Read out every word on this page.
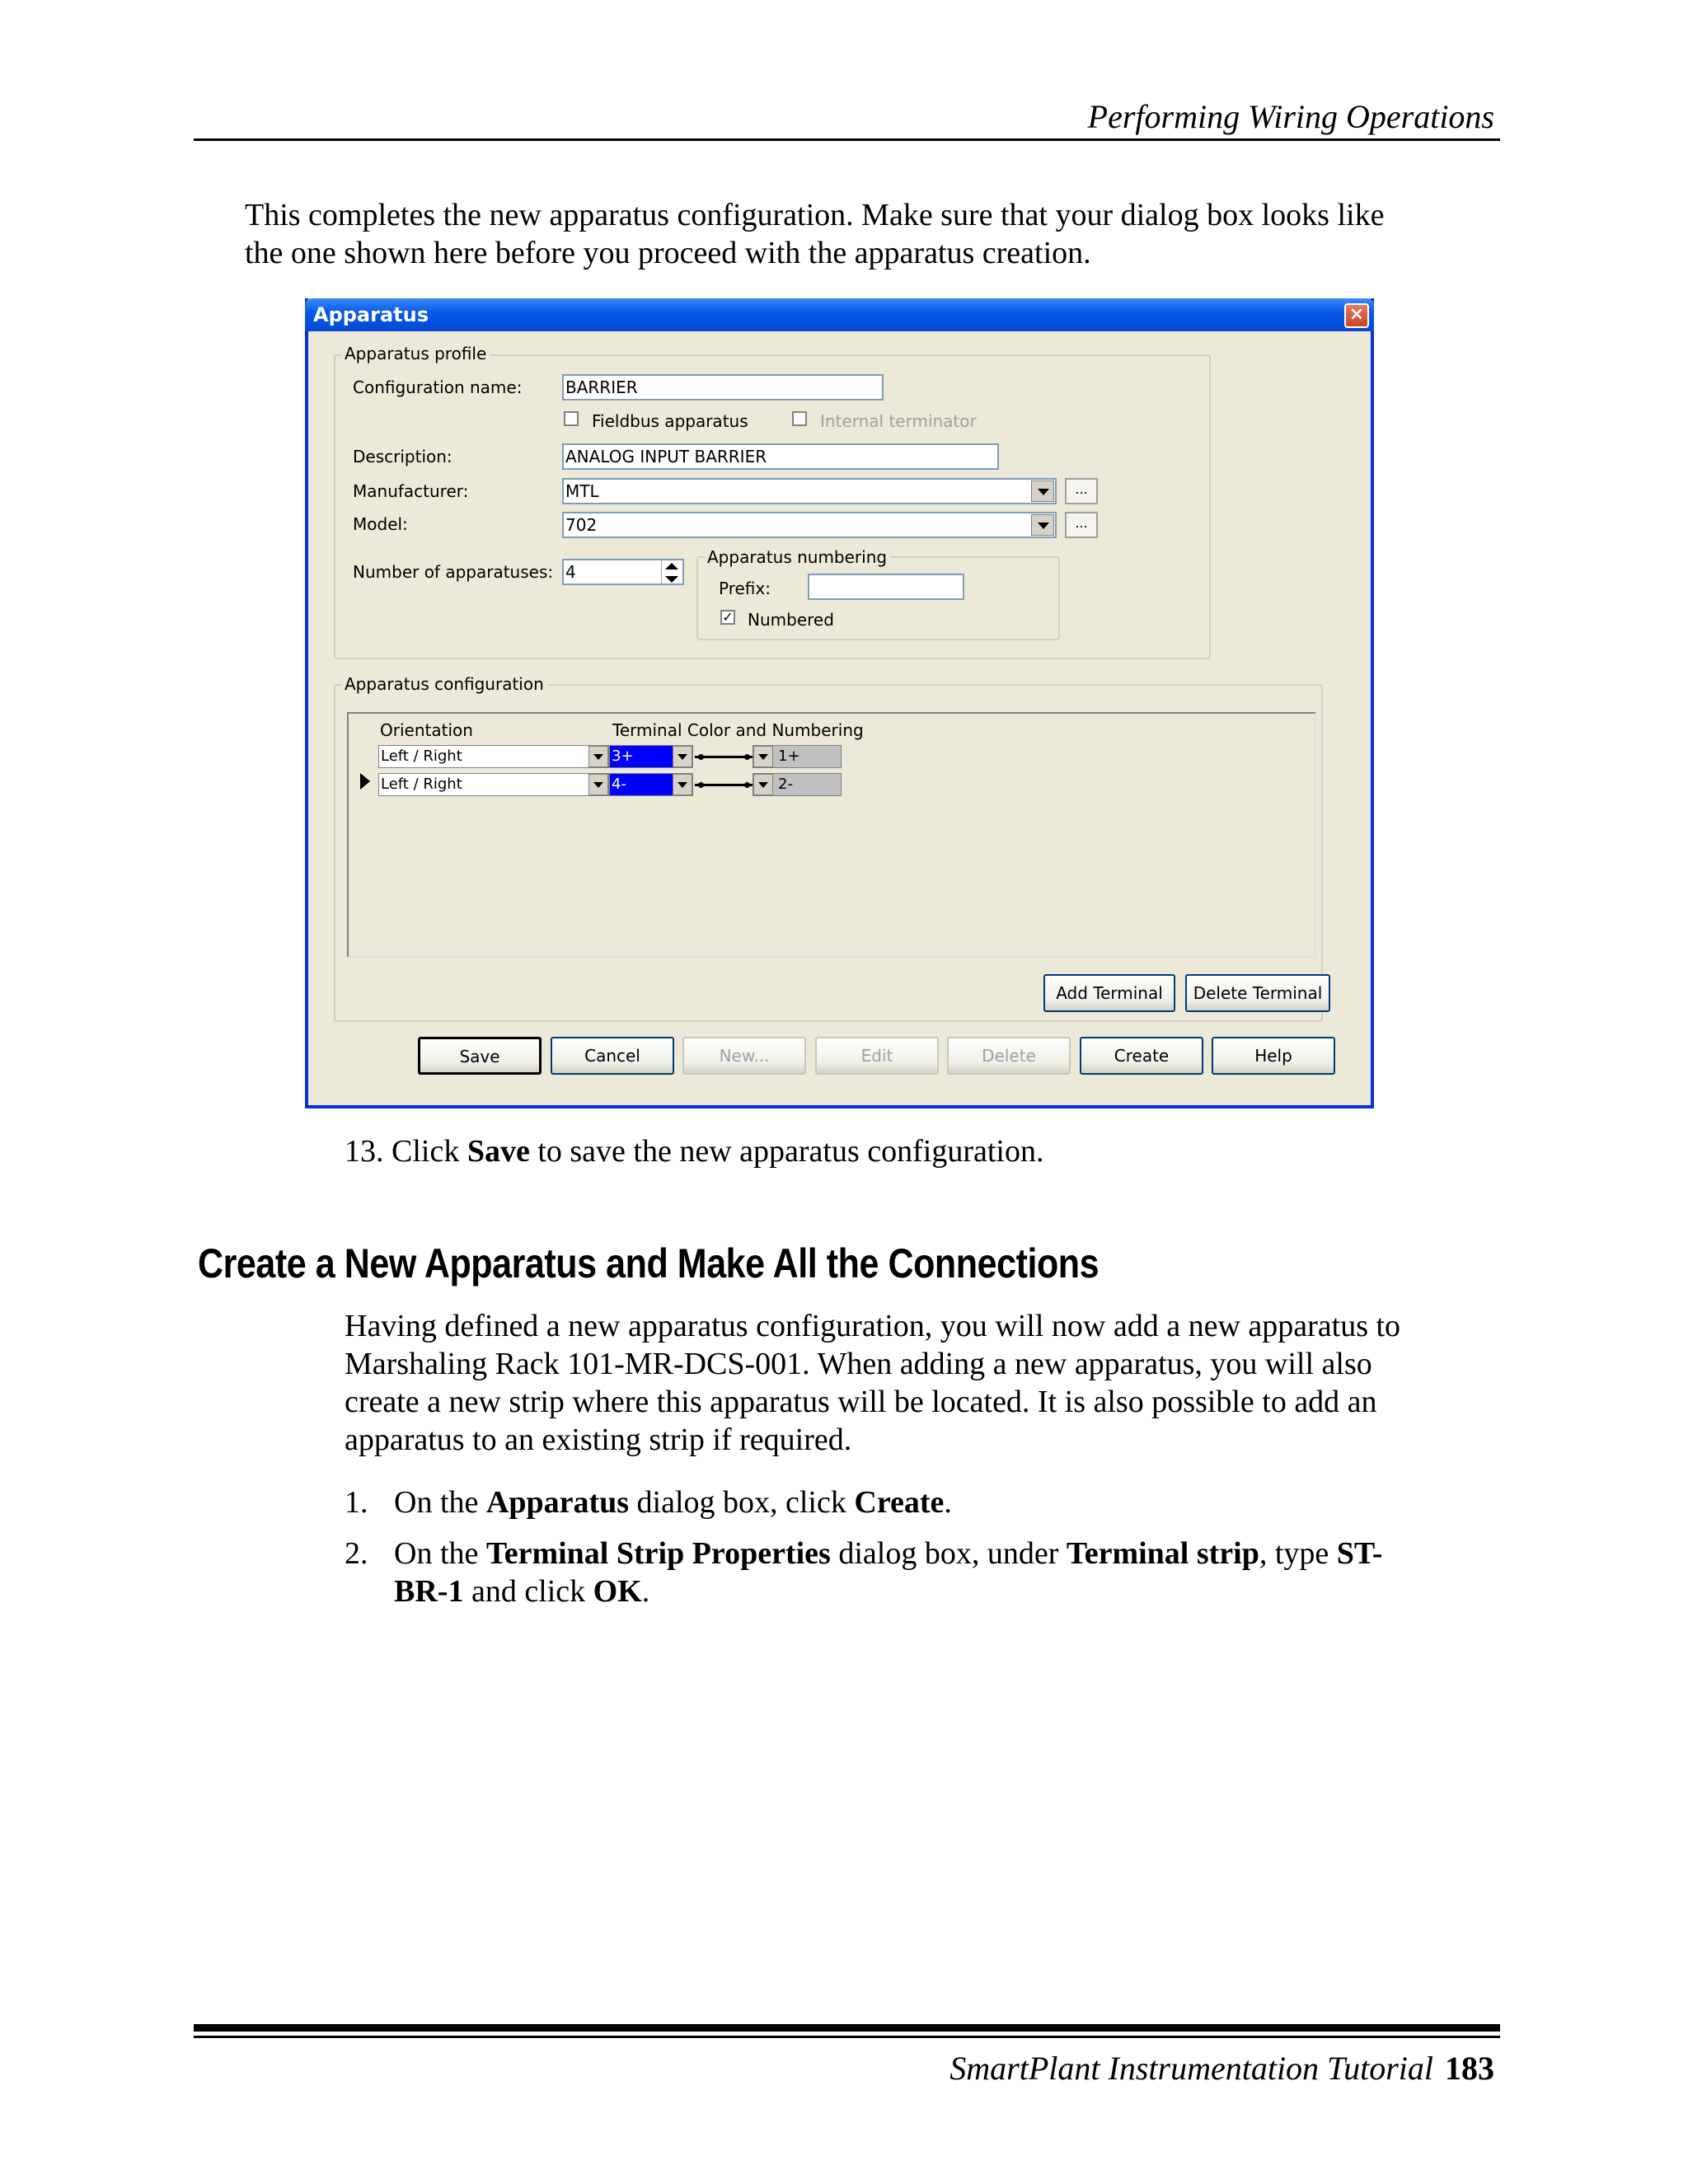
Performing Wiring Operations
This completes the new apparatus configuration. Make sure that your dialog box looks like
the one shown here before you proceed with the apparatus creation.
Apparatus	×
Apparatus profile
Configuration name:	BARRIER
Fieldbus apparatus	Internal terminator
Description:	ANALOG INPUT BARRIER
Manufacturer:	MTL	...
Model:	702	...
Number of apparatuses: 4
Apparatus numbering
Prefix:
✓ Numbered
Apparatus configuration
Orientation	Terminal Color and Numbering
Left / Right	3+	1+
Left / Right	4-	2-
Add Terminal	Delete Terminal
Save	Cancel	New...	Edit	Delete	Create	Help
13. Click Save to save the new apparatus configuration.
Create a New Apparatus and Make All the Connections
Having defined a new apparatus configuration, you will now add a new apparatus to
Marshaling Rack 101-MR-DCS-001. When adding a new apparatus, you will also
create a new strip where this apparatus will be located. It is also possible to add an
apparatus to an existing strip if required.
1. On the Apparatus dialog box, click Create.
2. On the Terminal Strip Properties dialog box, under Terminal strip, type ST-
BR-1 and click OK.
SmartPlant Instrumentation Tutorial 183
